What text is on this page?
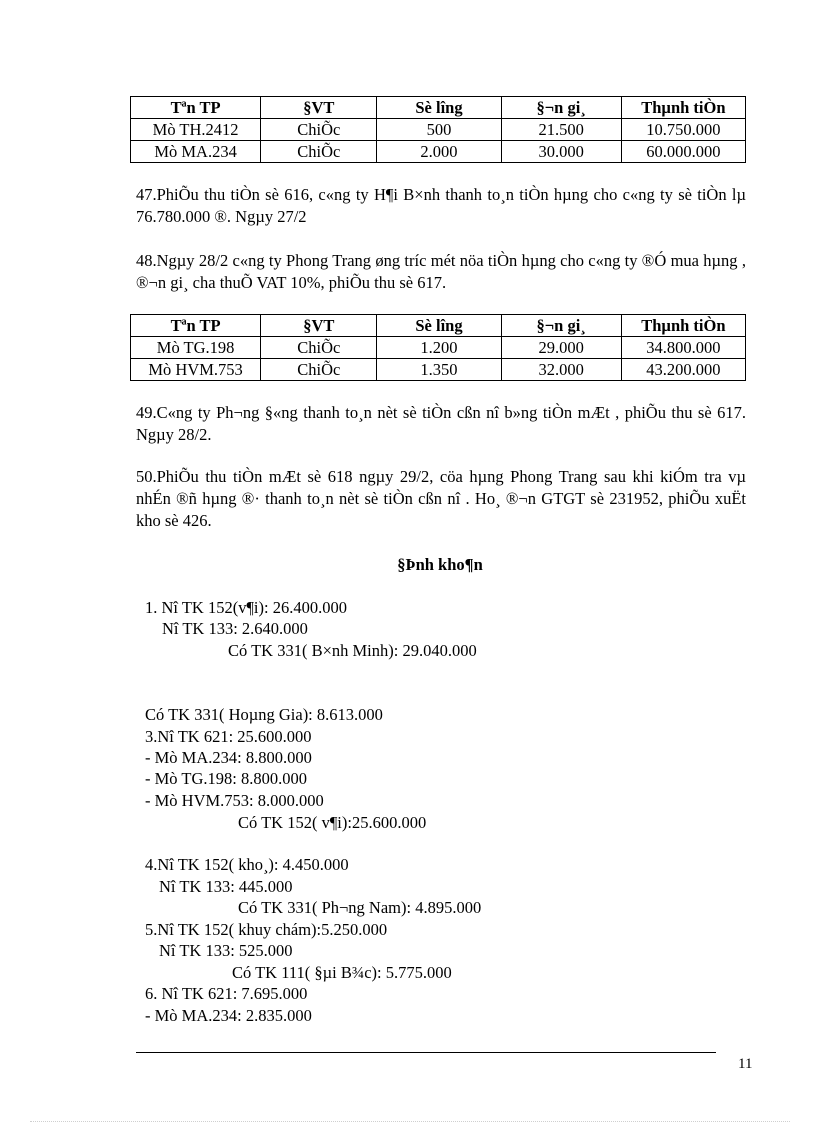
Tªn TP	§VT	Sè lîng	§¬n gi¸	Thµnh tiÒn
Mò TH.2412	ChiÕc	500	21.500	10.750.000
Mò MA.234	ChiÕc	2.000	30.000	60.000.000

47.PhiÕu thu tiÒn sè 616, c«ng ty H¶i B×nh thanh to¸n tiÒn hµng cho c«ng ty sè tiÒn lµ 76.780.000 ®. Ngµy 27/2

48.Ngµy 28/2 c«ng ty Phong Trang øng tríc mét nöa tiÒn hµng cho c«ng ty ®Ó mua hµng , ®¬n gi¸ cha thuÕ VAT 10%, phiÕu thu sè 617.

Tªn TP	§VT	Sè lîng	§¬n gi¸	Thµnh tiÒn
Mò TG.198	ChiÕc	1.200	29.000	34.800.000
Mò HVM.753	ChiÕc	1.350	32.000	43.200.000

49.C«ng ty Ph¬ng §«ng thanh to¸n nèt sè tiÒn cßn nî b»ng tiÒn mÆt , phiÕu thu sè 617. Ngµy 28/2.

50.PhiÕu thu tiÒn mÆt sè 618 ngµy 29/2, cöa hµng Phong Trang sau khi kiÓm tra vµ nhÉn ®ñ hµng ®· thanh to¸n nèt sè tiÒn cßn nî . Ho¸ ®¬n GTGT sè 231952, phiÕu xuËt kho sè 426.

§Þnh kho¶n
1. Nî TK 152(v¶i): 26.400.000
Nî TK 133: 2.640.000
Có TK 331( B×nh Minh): 29.040.000
Có TK 331( Hoµng Gia): 8.613.000
3.Nî TK 621: 25.600.000
- Mò MA.234: 8.800.000
- Mò TG.198: 8.800.000
- Mò HVM.753: 8.000.000
Có TK 152( v¶i):25.600.000
4.Nî TK 152( kho¸): 4.450.000
Nî TK 133: 445.000
Có TK 331( Ph¬ng Nam): 4.895.000
5.Nî TK 152( khuy chám):5.250.000
Nî TK 133: 525.000
Có TK 111( §µi B¾c): 5.775.000
6. Nî TK 621: 7.695.000
- Mò MA.234: 2.835.000
11
